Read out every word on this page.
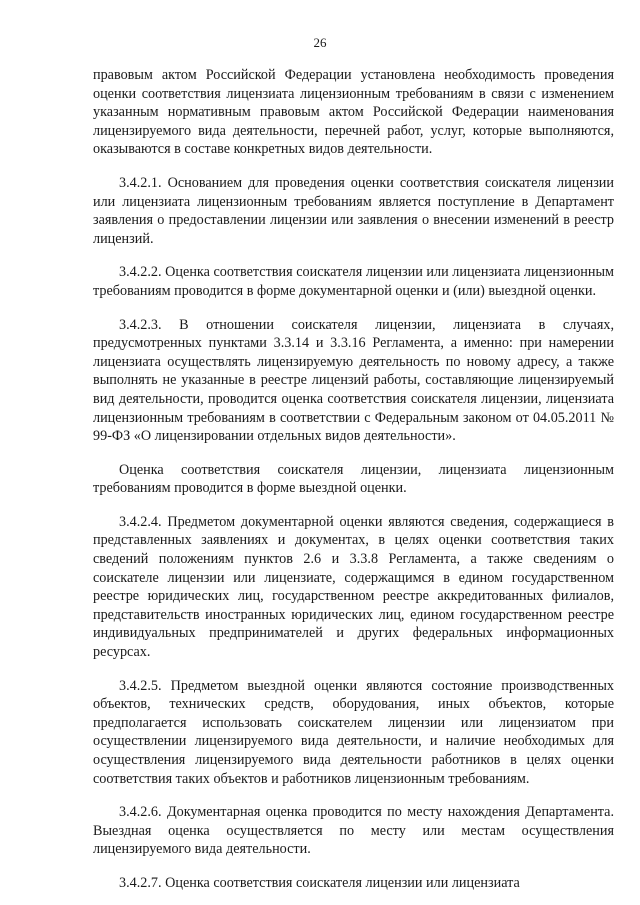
26

правовым актом Российской Федерации установлена необходимость проведения оценки соответствия лицензиата лицензионным требованиям в связи с изменением указанным нормативным правовым актом Российской Федерации наименования лицензируемого вида деятельности, перечней работ, услуг, которые выполняются, оказываются в составе конкретных видов деятельности.

3.4.2.1. Основанием для проведения оценки соответствия соискателя лицензии или лицензиата лицензионным требованиям является поступление в Департамент заявления о предоставлении лицензии или заявления о внесении изменений в реестр лицензий.

3.4.2.2. Оценка соответствия соискателя лицензии или лицензиата лицензионным требованиям проводится в форме документарной оценки и (или) выездной оценки.

3.4.2.3. В отношении соискателя лицензии, лицензиата в случаях, предусмотренных пунктами 3.3.14 и 3.3.16 Регламента, а именно: при намерении лицензиата осуществлять лицензируемую деятельность по новому адресу, а также выполнять не указанные в реестре лицензий работы, составляющие лицензируемый вид деятельности, проводится оценка соответствия соискателя лицензии, лицензиата лицензионным требованиям в соответствии с Федеральным законом от 04.05.2011 № 99-ФЗ «О лицензировании отдельных видов деятельности».

Оценка соответствия соискателя лицензии, лицензиата лицензионным требованиям проводится в форме выездной оценки.

3.4.2.4. Предметом документарной оценки являются сведения, содержащиеся в представленных заявлениях и документах, в целях оценки соответствия таких сведений положениям пунктов 2.6 и 3.3.8 Регламента, а также сведениям о соискателе лицензии или лицензиате, содержащимся в едином государственном реестре юридических лиц, государственном реестре аккредитованных филиалов, представительств иностранных юридических лиц, едином государственном реестре индивидуальных предпринимателей и других федеральных информационных ресурсах.

3.4.2.5. Предметом выездной оценки являются состояние производственных объектов, технических средств, оборудования, иных объектов, которые предполагается использовать соискателем лицензии или лицензиатом при осуществлении лицензируемого вида деятельности, и наличие необходимых для осуществления лицензируемого вида деятельности работников в целях оценки соответствия таких объектов и работников лицензионным требованиям.

3.4.2.6. Документарная оценка проводится по месту нахождения Департамента. Выездная оценка осуществляется по месту или местам осуществления лицензируемого вида деятельности.

3.4.2.7. Оценка соответствия соискателя лицензии или лицензиата
